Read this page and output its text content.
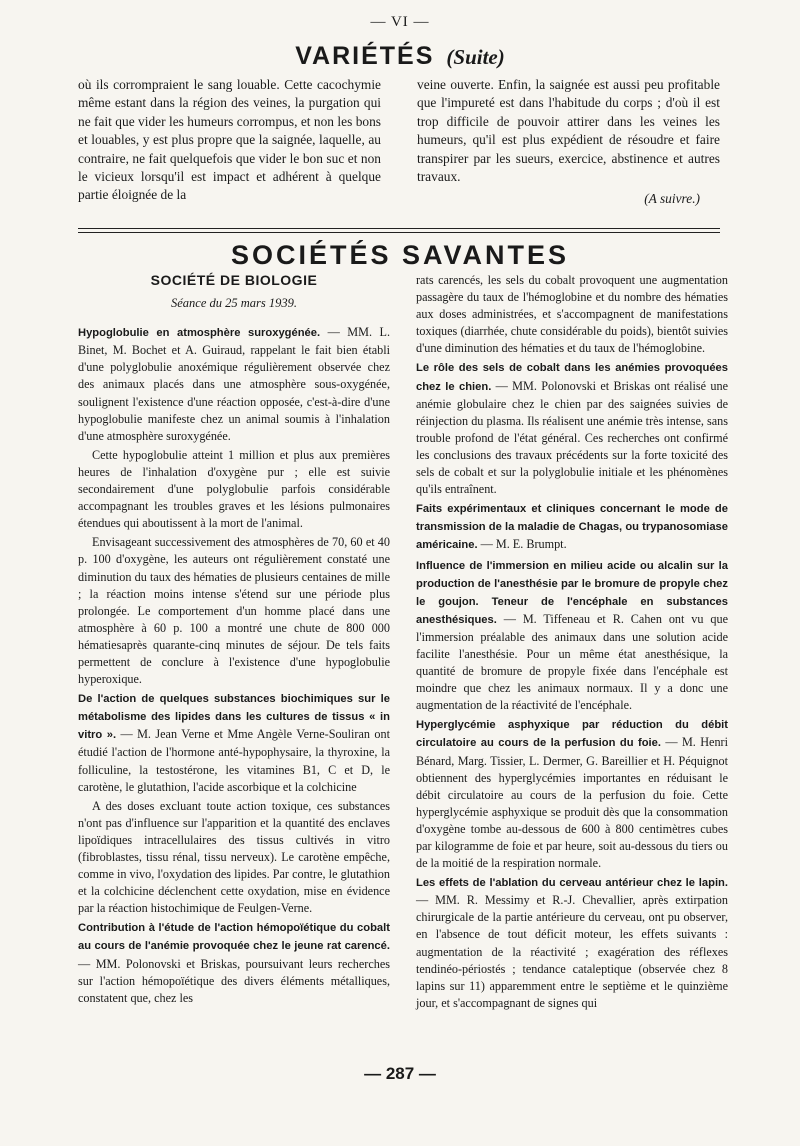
— VI —
VARIÉTÉS (Suite)

où ils corrompraient le sang louable. Cette cacochymie même estant dans la région des veines, la purgation qui ne fait que vider les humeurs corrompus, et non les bons et louables, y est plus propre que la saignée, laquelle, au contraire, ne fait quelquefois que vider le bon suc et non le vicieux lorsqu'il est impact et adhérent à quelque partie éloignée de la

veine ouverte. Enfin, la saignée est aussi peu profitable que l'impureté est dans l'habitude du corps ; d'où il est trop difficile de pouvoir attirer dans les veines les humeurs, qu'il est plus expédient de résoudre et faire transpirer par les sueurs, exercice, abstinence et autres travaux.

(A suivre.)
SOCIÉTÉS SAVANTES
SOCIÉTÉ DE BIOLOGIE
Séance du 25 mars 1939.

Hypoglobulie en atmosphère suroxygénée. — MM. L. Binet, M. Bochet et A. Guiraud, rappelant le fait bien établi d'une polyglobulie anoxémique régulièrement observée chez des animaux placés dans une atmosphère sous-oxygénée, soulignent l'existence d'une réaction opposée, c'est-à-dire d'une hypoglobulie manifeste chez un animal soumis à l'inhalation d'une atmosphère suroxygénée.

Cette hypoglobulie atteint 1 million et plus aux premières heures de l'inhalation d'oxygène pur ; elle est suivie secondairement d'une polyglobulie parfois considérable accompagnant les troubles graves et les lésions pulmonaires étendues qui aboutissent à la mort de l'animal.

Envisageant successivement des atmosphères de 70, 60 et 40 p. 100 d'oxygène, les auteurs ont régulièrement constaté une diminution du taux des hématies de plusieurs centaines de mille ; la réaction moins intense s'étend sur une période plus prolongée. Le comportement d'un homme placé dans une atmosphère à 60 p. 100 a montré une chute de 800 000 hématiesaprès quarante-cinq minutes de séjour. De tels faits permettent de conclure à l'existence d'une hypoglobulie hyperoxique.

De l'action de quelques substances biochimiques sur le métabolisme des lipides dans les cultures de tissus « in vitro ». — M. Jean Verne et Mme Angèle Verne-Souliran ont étudié l'action de l'hormone anté-hypophysaire, la thyroxine, la folliculine, la testostérone, les vitamines B1, C et D, le carotène, le glutathion, l'acide ascorbique et la colchicine

A des doses excluant toute action toxique, ces substances n'ont pas d'influence sur l'apparition et la quantité des enclaves lipoïdiques intracellulaires des tissus cultivés in vitro (fibroblastes, tissu rénal, tissu nerveux). Le carotène empêche, comme in vivo, l'oxydation des lipides. Par contre, le glutathion et la colchicine déclenchent cette oxydation, mise en évidence par la réaction histochimique de Feulgen-Verne.

Contribution à l'étude de l'action hémopoïétique du cobalt au cours de l'anémie provoquée chez le jeune rat carencé. — MM. Polonovski et Briskas, poursuivant leurs recherches sur l'action hémopoïétique des divers éléments métalliques, constatent que, chez les

rats carencés, les sels du cobalt provoquent une augmentation passagère du taux de l'hémoglobine et du nombre des hématies aux doses administrées, et s'accompagnent de manifestations toxiques (diarrhée, chute considérable du poids), bientôt suivies d'une diminution des hématies et du taux de l'hémoglobine.

Le rôle des sels de cobalt dans les anémies provoquées chez le chien. — MM. Polonovski et Briskas ont réalisé une anémie globulaire chez le chien par des saignées suivies de réinjection du plasma. Ils réalisent une anémie très intense, sans trouble profond de l'état général. Ces recherches ont confirmé les conclusions des travaux précédents sur la forte toxicité des sels de cobalt et sur la polyglobulie initiale et les phénomènes qu'ils entraînent.

Faits expérimentaux et cliniques concernant le mode de transmission de la maladie de Chagas, ou trypanosomiase américaine. — M. E. Brumpt.

Influence de l'immersion en milieu acide ou alcalin sur la production de l'anesthésie par le bromure de propyle chez le goujon. Teneur de l'encéphale en substances anesthésiques. — M. Tiffeneau et R. Cahen ont vu que l'immersion préalable des animaux dans une solution acide facilite l'anesthésie. Pour un même état anesthésique, la quantité de bromure de propyle fixée dans l'encéphale est moindre que chez les animaux normaux. Il y a donc une augmentation de la réactivité de l'encéphale.

Hyperglycémie asphyxique par réduction du débit circulatoire au cours de la perfusion du foie. — M. Henri Bénard, Marg. Tissier, L. Dermer, G. Bareillier et H. Péquignot obtiennent des hyperglycémies importantes en réduisant le débit circulatoire au cours de la perfusion du foie. Cette hyperglycémie asphyxique se produit dès que la consommation d'oxygène tombe au-dessous de 600 à 800 centimètres cubes par kilogramme de foie et par heure, soit au-dessous du tiers ou de la moitié de la respiration normale.

Les effets de l'ablation du cerveau antérieur chez le lapin. — MM. R. Messimy et R.-J. Chevallier, après extirpation chirurgicale de la partie antérieure du cerveau, ont pu observer, en l'absence de tout déficit moteur, les effets suivants : augmentation de la réactivité ; exagération des réflexes tendinéo-périostés ; tendance cataleptique (observée chez 8 lapins sur 11) apparemment entre le septième et le quinzième jour, et s'accompagnant de signes qui

— 287 —
